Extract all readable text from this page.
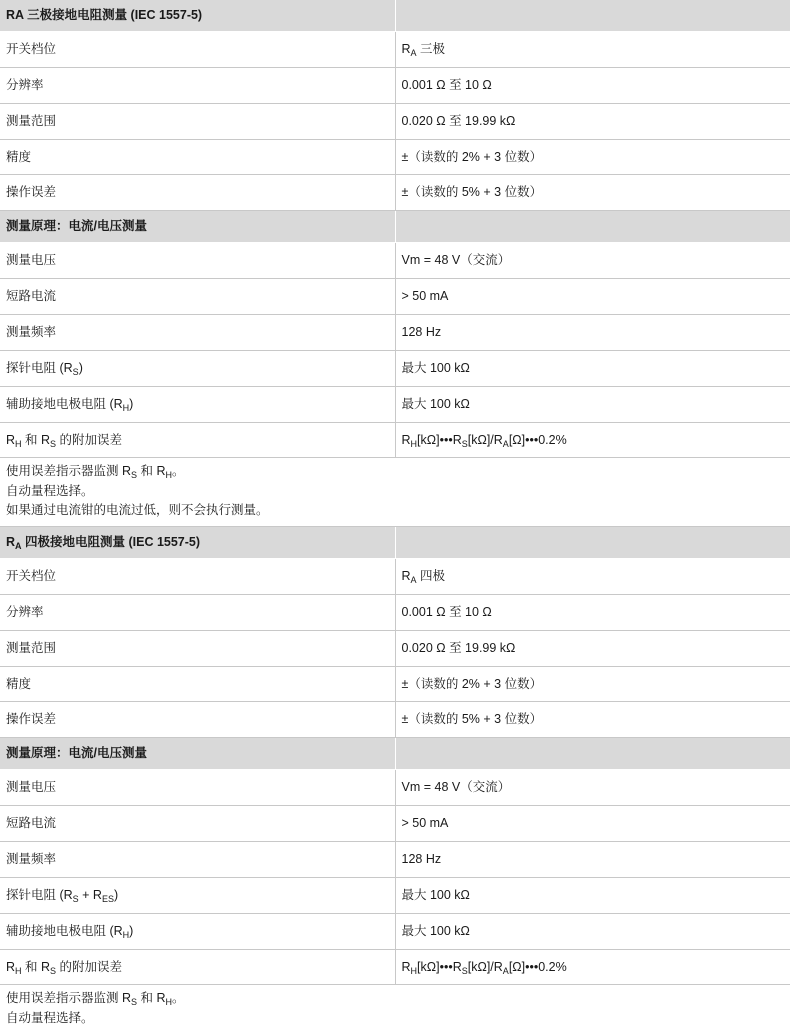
RA 三极接地电阻测量 (IEC 1557-5)	
开关档位	$R_A$ 三极
分辨率	0.001 Ω 至 10 Ω
测量范围	0.020 Ω 至 19.99 kΩ
精度	±（读数的 2% + 3 位数）
操作误差	±（读数的 5% + 3 位数）
测量原理：电流/电压测量	
测量电压	Vm = 48 V（交流）
短路电流	> 50 mA
测量频率	128 Hz
探针电阻 $(R_S)$	最大 100 kΩ
辅助接地电极电阻 $(R_H)$	最大 100 kΩ
$R_H$ 和 $R_S$ 的附加误差	$R_H[k\Omega]•••R_S[k\Omega]/R_A[\Omega]•••0.2\%$
使用误差指示器监测 $R_S$ 和 $R_H$。	
自动量程选择。	
如果通过电流钳的电流过低，则不会执行测量。	
$R_A$ 四极接地电阻测量 (IEC 1557-5)	
开关档位	$R_A$ 四极
分辨率	0.001 Ω 至 10 Ω
测量范围	0.020 Ω 至 19.99 kΩ
精度	±（读数的 2% + 3 位数）
操作误差	±（读数的 5% + 3 位数）
测量原理：电流/电压测量	
测量电压	Vm = 48 V（交流）
短路电流	> 50 mA
测量频率	128 Hz
探针电阻 $(R_S + R_{ES})$	最大 100 kΩ
辅助接地电极电阻 $(R_H)$	最大 100 kΩ
$R_H$ 和 $R_S$ 的附加误差	$R_H[k\Omega]•••R_S[k\Omega]/R_A[\Omega]•••0.2\%$
使用误差指示器监测 $R_S$ 和 $R_H$。	
自动量程选择。	
